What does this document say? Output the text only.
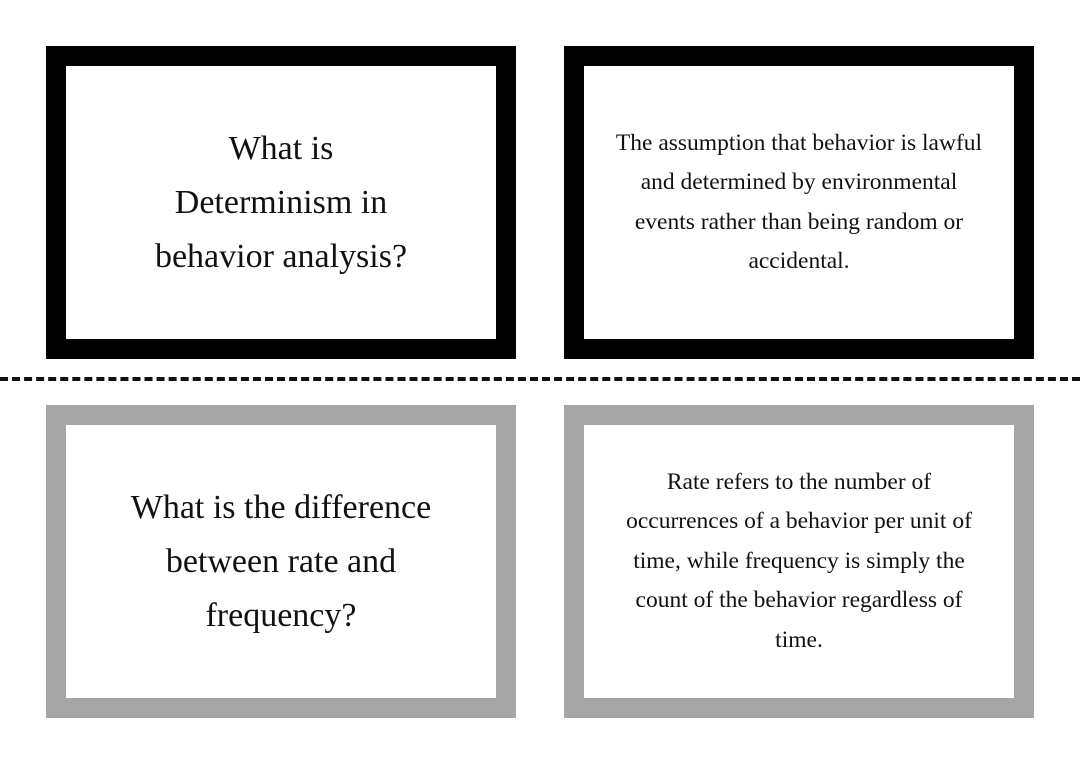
What is Determinism in behavior analysis?

The assumption that behavior is lawful and determined by environmental events rather than being random or accidental.

What is the difference between rate and frequency?

Rate refers to the number of occurrences of a behavior per unit of time, while frequency is simply the count of the behavior regardless of time.
